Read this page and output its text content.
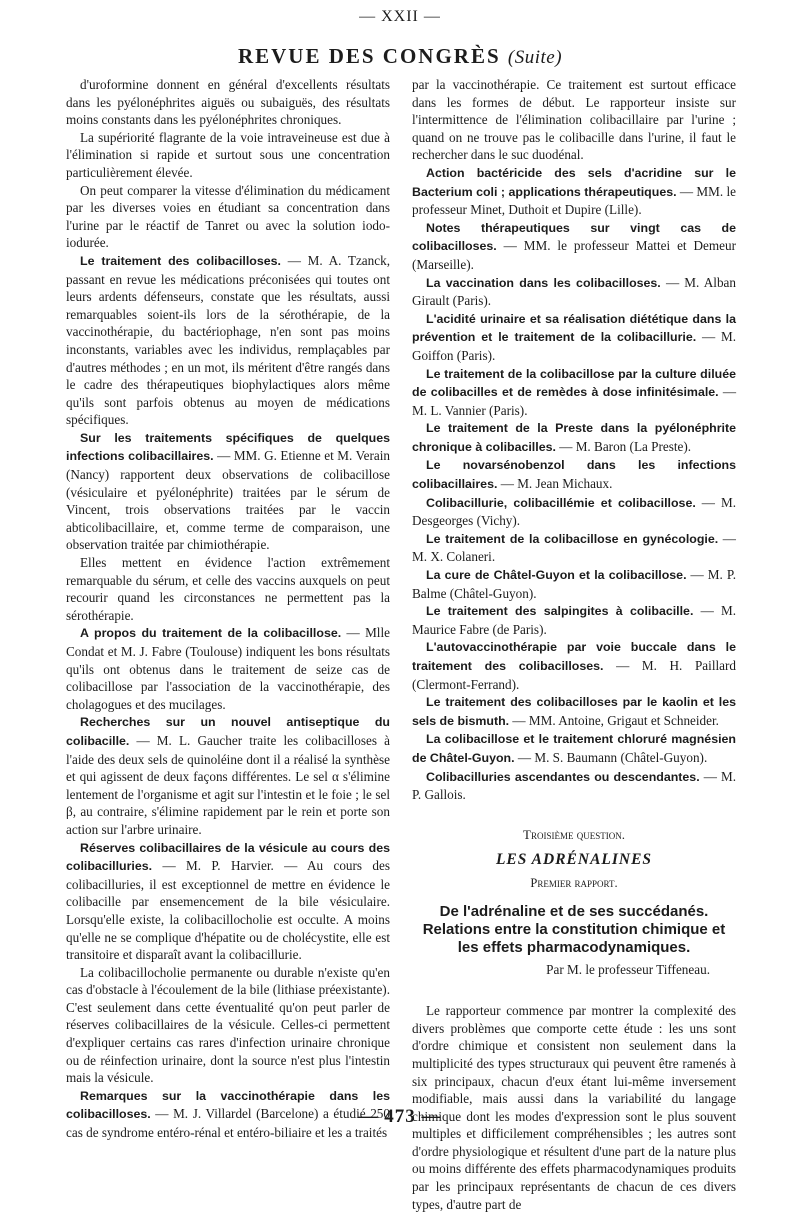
— XXII —
REVUE DES CONGRÈS (Suite)

d'uroformine donnent en général d'excellents résultats dans les pyélonéphrites aiguës ou subaiguës, des résultats moins constants dans les pyélonéphrites chroniques.

La supériorité flagrante de la voie intraveineuse est due à l'élimination si rapide et surtout sous une concentration particulièrement élevée.

On peut comparer la vitesse d'élimination du médicament par les diverses voies en étudiant sa concentration dans l'urine par le réactif de Tanret ou avec la solution iodo-iodurée.

Le traitement des colibacilloses. — M. A. Tzanck, passant en revue les médications préconisées qui toutes ont leurs ardents défenseurs, constate que les résultats, aussi remarquables soient-ils lors de la sérothérapie, de la vaccinothérapie, du bactériophage, n'en sont pas moins inconstants, variables avec les individus, remplaçables par d'autres méthodes ; en un mot, ils méritent d'être rangés dans le cadre des thérapeutiques biophylactiques alors même qu'ils sont parfois obtenus au moyen de médications spécifiques.

Sur les traitements spécifiques de quelques infections colibacillaires. — MM. G. Etienne et M. Verain (Nancy) rapportent deux observations de colibacillose (vésiculaire et pyélonéphrite) traitées par le sérum de Vincent, trois observations traitées par le vaccin abticolibacillaire, et, comme terme de comparaison, une observation traitée par chimiothérapie.

Elles mettent en évidence l'action extrêmement remarquable du sérum, et celle des vaccins auxquels on peut recourir quand les circonstances ne permettent pas la sérothérapie.

A propos du traitement de la colibacillose. — Mlle Condat et M. J. Fabre (Toulouse) indiquent les bons résultats qu'ils ont obtenus dans le traitement de seize cas de colibacillose par l'association de la vaccinothérapie, des cholagogues et des mucilages.

Recherches sur un nouvel antiseptique du colibacille. — M. L. Gaucher traite les colibacilloses à l'aide des deux sels de quinoléine dont il a réalisé la synthèse et qui agissent de deux façons différentes. Le sel α s'élimine lentement de l'organisme et agit sur l'intestin et le foie ; le sel β, au contraire, s'élimine rapidement par le rein et porte son action sur l'arbre urinaire.

Réserves colibacillaires de la vésicule au cours des colibacilluries. — M. P. Harvier. — Au cours des colibacilluries, il est exceptionnel de mettre en évidence le colibacille par ensemencement de la bile vésiculaire. Lorsqu'elle existe, la colibacillocholie est occulte. A moins qu'elle ne se complique d'hépatite ou de cholécystite, elle est transitoire et disparaît avant la colibacillurie.

La colibacillocholie permanente ou durable n'existe qu'en cas d'obstacle à l'écoulement de la bile (lithiase préexistante). C'est seulement dans cette éventualité qu'on peut parler de réserves colibacillaires de la vésicule. Celles-ci permettent d'expliquer certains cas rares d'infection urinaire chronique ou de réinfection urinaire, dont la source n'est plus l'intestin mais la vésicule.

Remarques sur la vaccinothérapie dans les colibacilloses. — M. J. Villardel (Barcelone) a étudié 250 cas de syndrome entéro-rénal et entéro-biliaire et les a traités

par la vaccinothérapie. Ce traitement est surtout efficace dans les formes de début. Le rapporteur insiste sur l'intermittence de l'élimination colibacillaire par l'urine ; quand on ne trouve pas le colibacille dans l'urine, il faut le rechercher dans le suc duodénal.

Action bactéricide des sels d'acridine sur le Bacterium coli ; applications thérapeutiques. — MM. le professeur Minet, Duthoit et Dupire (Lille).

Notes thérapeutiques sur vingt cas de colibacilloses. — MM. le professeur Mattei et Demeur (Marseille).

La vaccination dans les colibacilloses. — M. Alban Girault (Paris).

L'acidité urinaire et sa réalisation diététique dans la prévention et le traitement de la colibacillurie. — M. Goiffon (Paris).

Le traitement de la colibacillose par la culture diluée de colibacilles et de remèdes à dose infinitésimale. — M. L. Vannier (Paris).

Le traitement de la Preste dans la pyélonéphrite chronique à colibacilles. — M. Baron (La Preste).

Le novarsénobenzol dans les infections colibacillaires. — M. Jean Michaux.

Colibacillurie, colibacillémie et colibacillose. — M. Desgeorges (Vichy).

Le traitement de la colibacillose en gynécologie. — M. X. Colaneri.

La cure de Châtel-Guyon et la colibacillose. — M. P. Balme (Châtel-Guyon).

Le traitement des salpingites à colibacille. — M. Maurice Fabre (de Paris).

L'autovaccinothérapie par voie buccale dans le traitement des colibacilloses. — M. H. Paillard (Clermont-Ferrand).

Le traitement des colibacilloses par le kaolin et les sels de bismuth. — MM. Antoine, Grigaut et Schneider.

La colibacillose et le traitement chloruré magnésien de Châtel-Guyon. — M. S. Baumann (Châtel-Guyon).

Colibacilluries ascendantes ou descendantes. — M. P. Gallois.

Troisième question.

LES ADRÉNALINES

Premier rapport.

De l'adrénaline et de ses succédanés. Relations entre la constitution chimique et les effets pharmacodynamiques.

Par M. le professeur Tiffeneau.

Le rapporteur commence par montrer la complexité des divers problèmes que comporte cette étude : les uns sont d'ordre chimique et consistent non seulement dans la multiplicité des types structuraux qui peuvent être ramenés à six principaux, chacun d'eux étant lui-même inversement modifiable, mais aussi dans la variabilité du langage chimique dont les modes d'expression sont le plus souvent multiples et difficilement compréhensibles ; les autres sont d'ordre physiologique et résultent d'une part de la nature plus ou moins différente des effets pharmacodynamiques produits par les principaux représentants de chacun de ces divers types, d'autre part de

— 473 —
